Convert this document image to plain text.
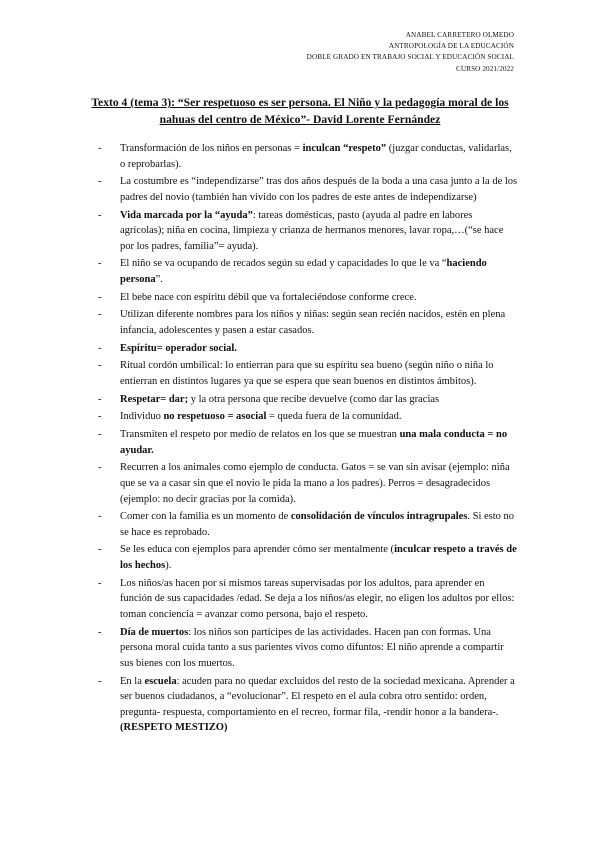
ANABEL CARRETERO OLMEDO
ANTROPOLOGÍA DE LA EDUCACIÓN
DOBLE GRADO EN TRABAJO SOCIAL Y EDUCACIÓN SOCIAL
CURSO 2021/2022
Texto 4 (tema 3): “Ser respetuoso es ser persona. El Niño y la pedagogía moral de los nahuas del centro de México”- David Lorente Fernández
-	Transformación de los niños en personas = inculcan “respeto” (juzgar conductas, validarlas, o reprobarlas).
-	La costumbre es “independizarse” tras dos años después de la boda a una casa junto a la de los padres del novio (también han vivido con los padres de este antes de independizarse)
-	Vida marcada por la “ayuda”: tareas domésticas, pasto (ayuda al padre en labores agrícolas); niña en cocina, limpieza y crianza de hermanos menores, lavar ropa,…(“se hace por los padres, familia”= ayuda).
-	El niño se va ocupando de recados según su edad y capacidades lo que le va “haciendo persona”.
-	El bebe nace con espíritu débil que va fortaleciéndose conforme crece.
-	Utilizan diferente nombres para los niños y niñas: según sean recién nacidos, estén en plena infancia, adolescentes y pasen a estar casados.
-	Espíritu= operador social.
-	Ritual cordón umbilical: lo entierran para que su espíritu sea bueno (según niño o niña lo entierran en distintos lugares ya que se espera que sean buenos en distintos ámbitos).
-	Respetar= dar; y la otra persona que recibe devuelve (como dar las gracias
-	Individuo no respetuoso = asocial = queda fuera de la comunidad.
-	Transmiten el respeto por medio de relatos en los que se muestran una mala conducta = no ayudar.
-	Recurren a los animales como ejemplo de conducta. Gatos = se van sin avisar (ejemplo: niña que se va a casar sin que el novio le pida la mano a los padres). Perros = desagradecidos (ejemplo: no decir gracias por la comida).
-	Comer con la familia es un momento de consolidación de vínculos intragrupales. Si esto no se hace es reprobado.
-	Se les educa con ejemplos para aprender cómo ser mentalmente (inculcar respeto a través de los hechos).
-	Los niños/as hacen por sí mismos tareas supervisadas por los adultos, para aprender en función de sus capacidades /edad. Se deja a los niños/as elegir, no eligen los adultos por ellos: toman conciencia = avanzar como persona, bajo el respeto.
-	Día de muertos: los niños son partícipes de las actividades. Hacen pan con formas. Una persona moral cuida tanto a sus parientes vivos como difuntos: El niño aprende a compartir sus bienes con los muertos.
-	En la escuela: acuden para no quedar excluidos del resto de la sociedad mexicana. Aprender a ser buenos ciudadanos, a “evolucionar”. El respeto en el aula cobra otro sentido: orden, pregunta- respuesta, comportamiento en el recreo, formar fila, -rendir honor a la bandera-. (RESPETO MESTIZO)
